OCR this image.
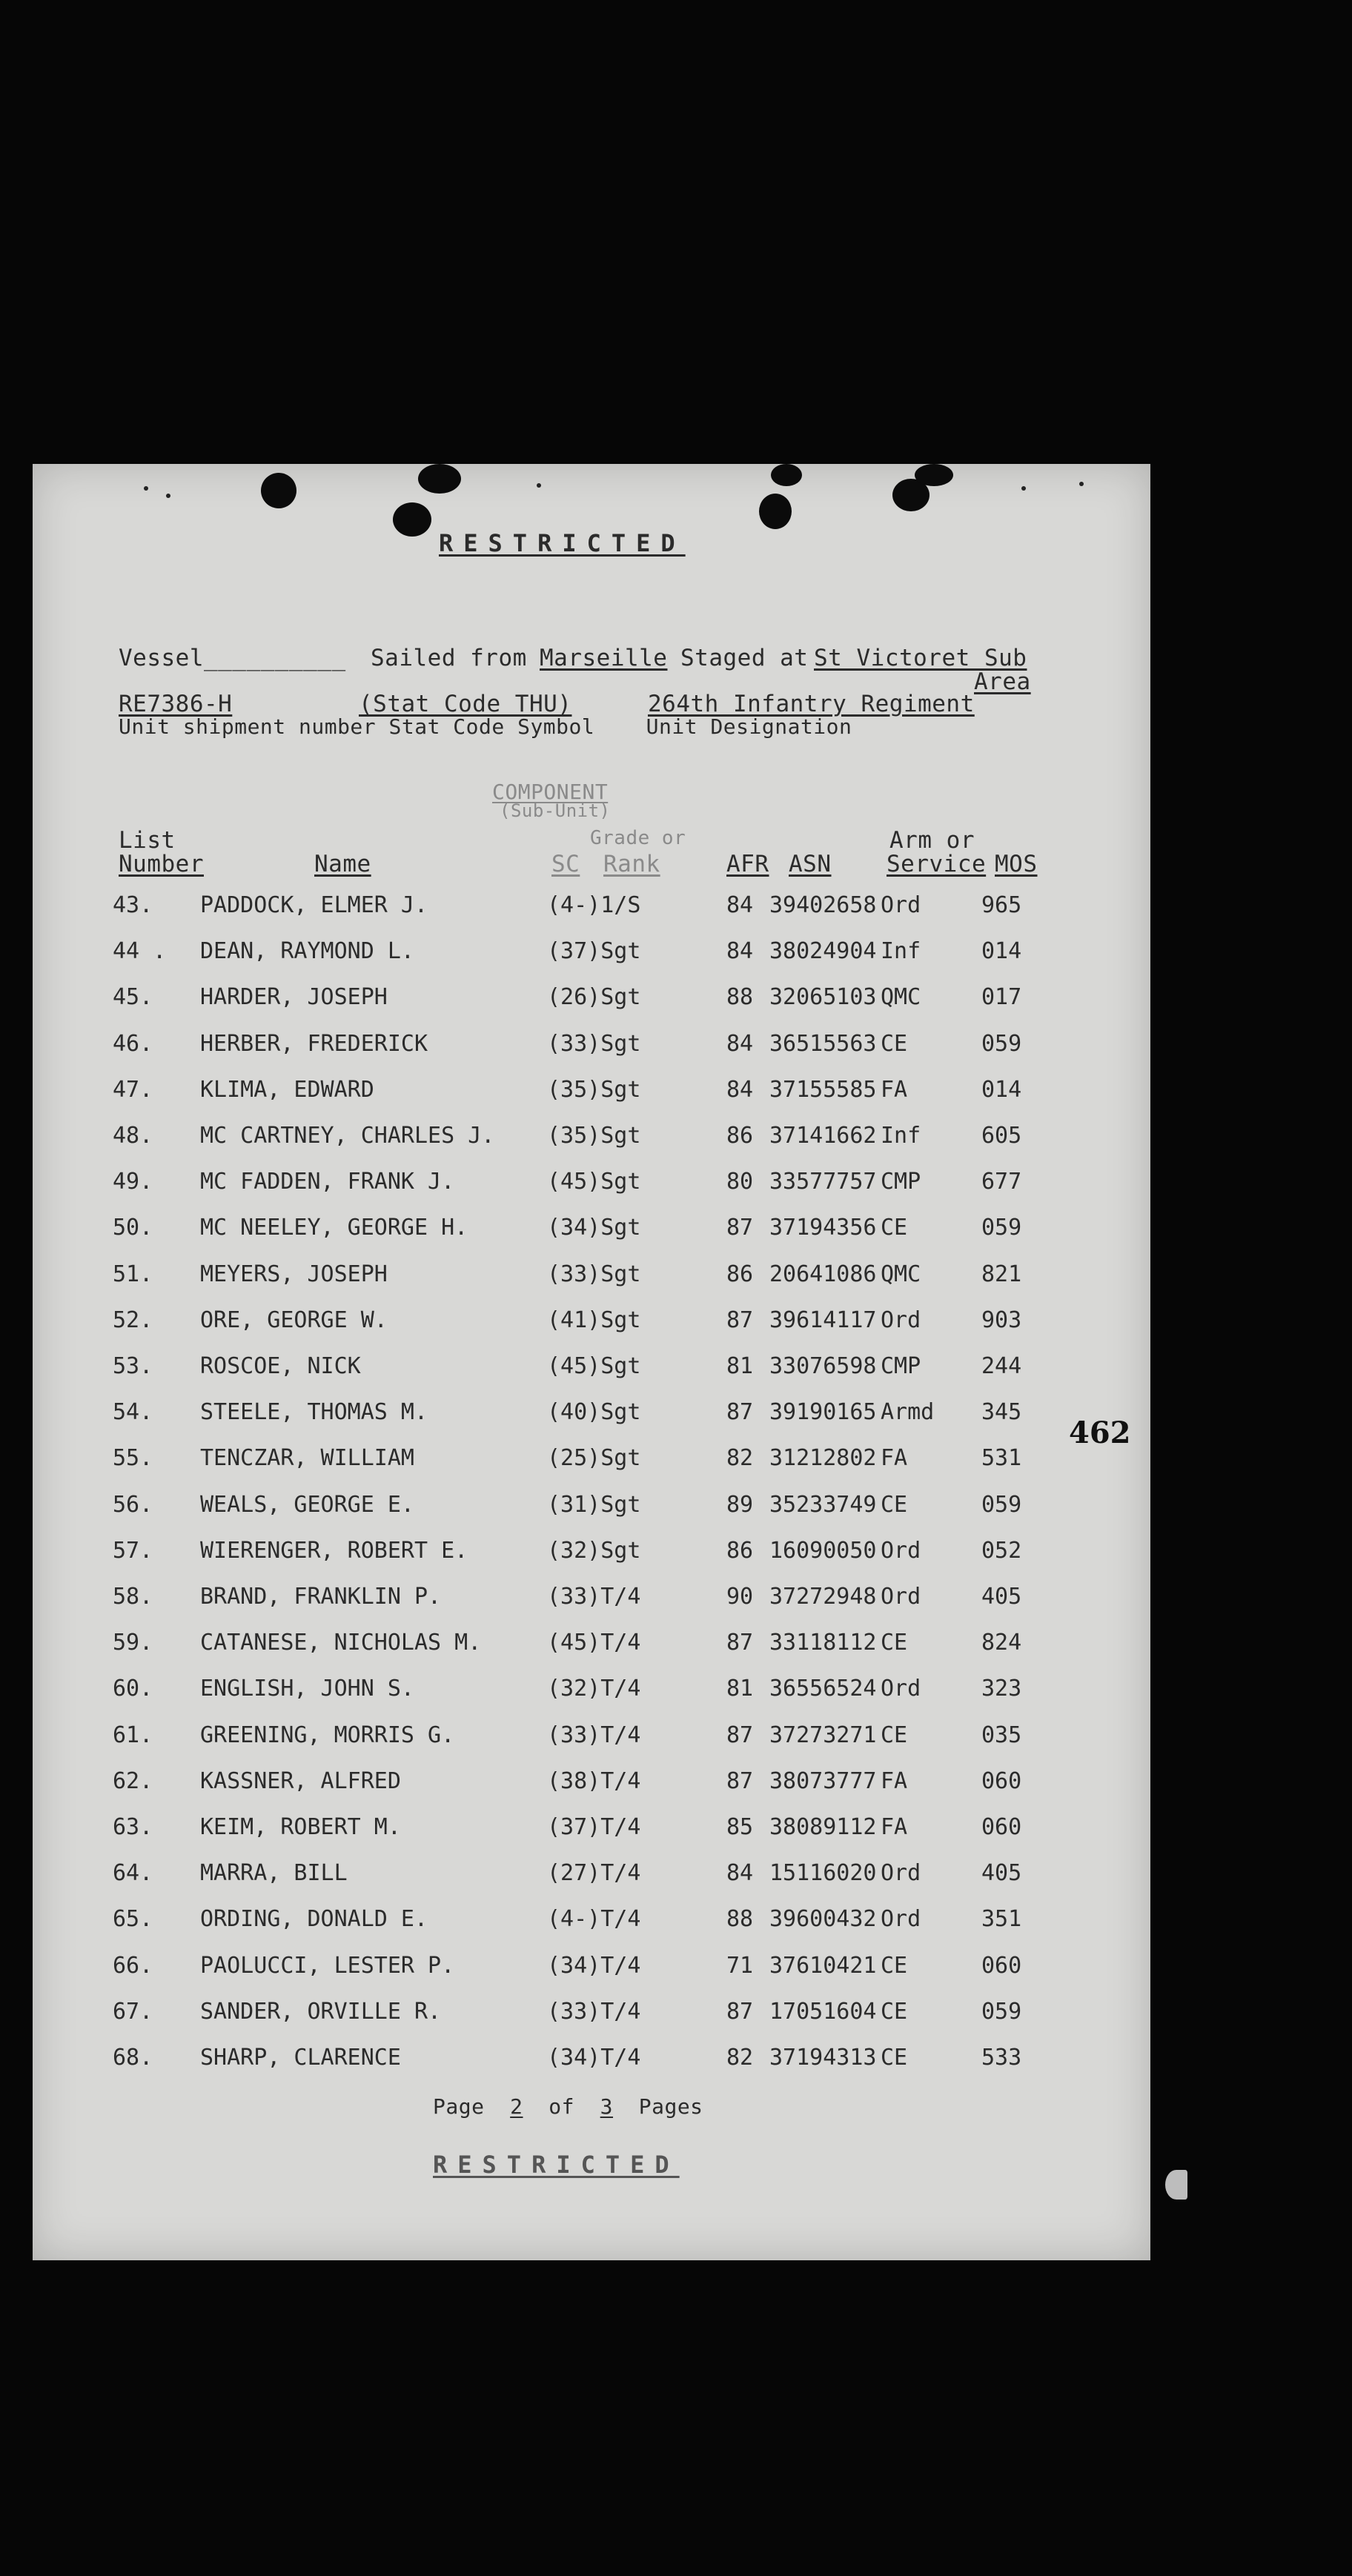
RESTRICTED
Vessel__________ Sailed from Marseille Staged at St Victoret Sub
Area
RE7386-H	(Stat Code THU)	264th Infantry Regiment
Unit shipment number Stat Code Symbol    Unit Designation
COMPONENT
(Sub-Unit)
462
List
Number	Name
Grade or
SC Rank	AFR ASN
Arm or
Service MOS
43. PADDOCK, ELMER J.	(4-)1/S	84 39402658 Ord	965
44 . DEAN, RAYMOND L.	(37)Sgt	84 38024904 Inf	014
45. HARDER, JOSEPH	(26)Sgt	88 32065103 QMC	017
46. HERBER, FREDERICK	(33)Sgt	84 36515563 CE	059
47. KLIMA, EDWARD	(35)Sgt	84 37155585 FA	014
48. MC CARTNEY, CHARLES J. (35)Sgt	86 37141662 Inf	605
49. MC FADDEN, FRANK J.	(45)Sgt	80 33577757 CMP	677
50. MC NEELEY, GEORGE H.	(34)Sgt	87 37194356 CE	059
51. MEYERS, JOSEPH	(33)Sgt	86 20641086 QMC	821
52. ORE, GEORGE W.	(41)Sgt	87 39614117 Ord	903
53. ROSCOE, NICK	(45)Sgt	81 33076598 CMP	244
54. STEELE, THOMAS M.	(40)Sgt	87 39190165 Armd 345
55. TENCZAR, WILLIAM	(25)Sgt	82 31212802 FA	531
56. WEALS, GEORGE E.	(31)Sgt	89 35233749 CE	059
57. WIERENGER, ROBERT E.	(32)Sgt	86 16090050 Ord	052
58. BRAND, FRANKLIN P.	(33)T/4	90 37272948 Ord	405
59. CATANESE, NICHOLAS M.	(45)T/4	87 33118112 CE	824
60. ENGLISH, JOHN S.	(32)T/4	81 36556524 Ord	323
61. GREENING, MORRIS G.	(33)T/4	87 37273271 CE	035
62. KASSNER, ALFRED	(38)T/4	87 38073777 FA	060
63. KEIM, ROBERT M.	(37)T/4	85 38089112 FA	060
64. MARRA, BILL	(27)T/4	84 15116020 Ord	405
65. ORDING, DONALD E.	(4-)T/4	88 39600432 Ord	351
66. PAOLUCCI, LESTER P.	(34)T/4	71 37610421 CE	060
67. SANDER, ORVILLE R.	(33)T/4	87 17051604 CE	059
68. SHARP, CLARENCE	(34)T/4	82 37194313 CE	533
Page 2 of 3 Pages
RESTRICTED
